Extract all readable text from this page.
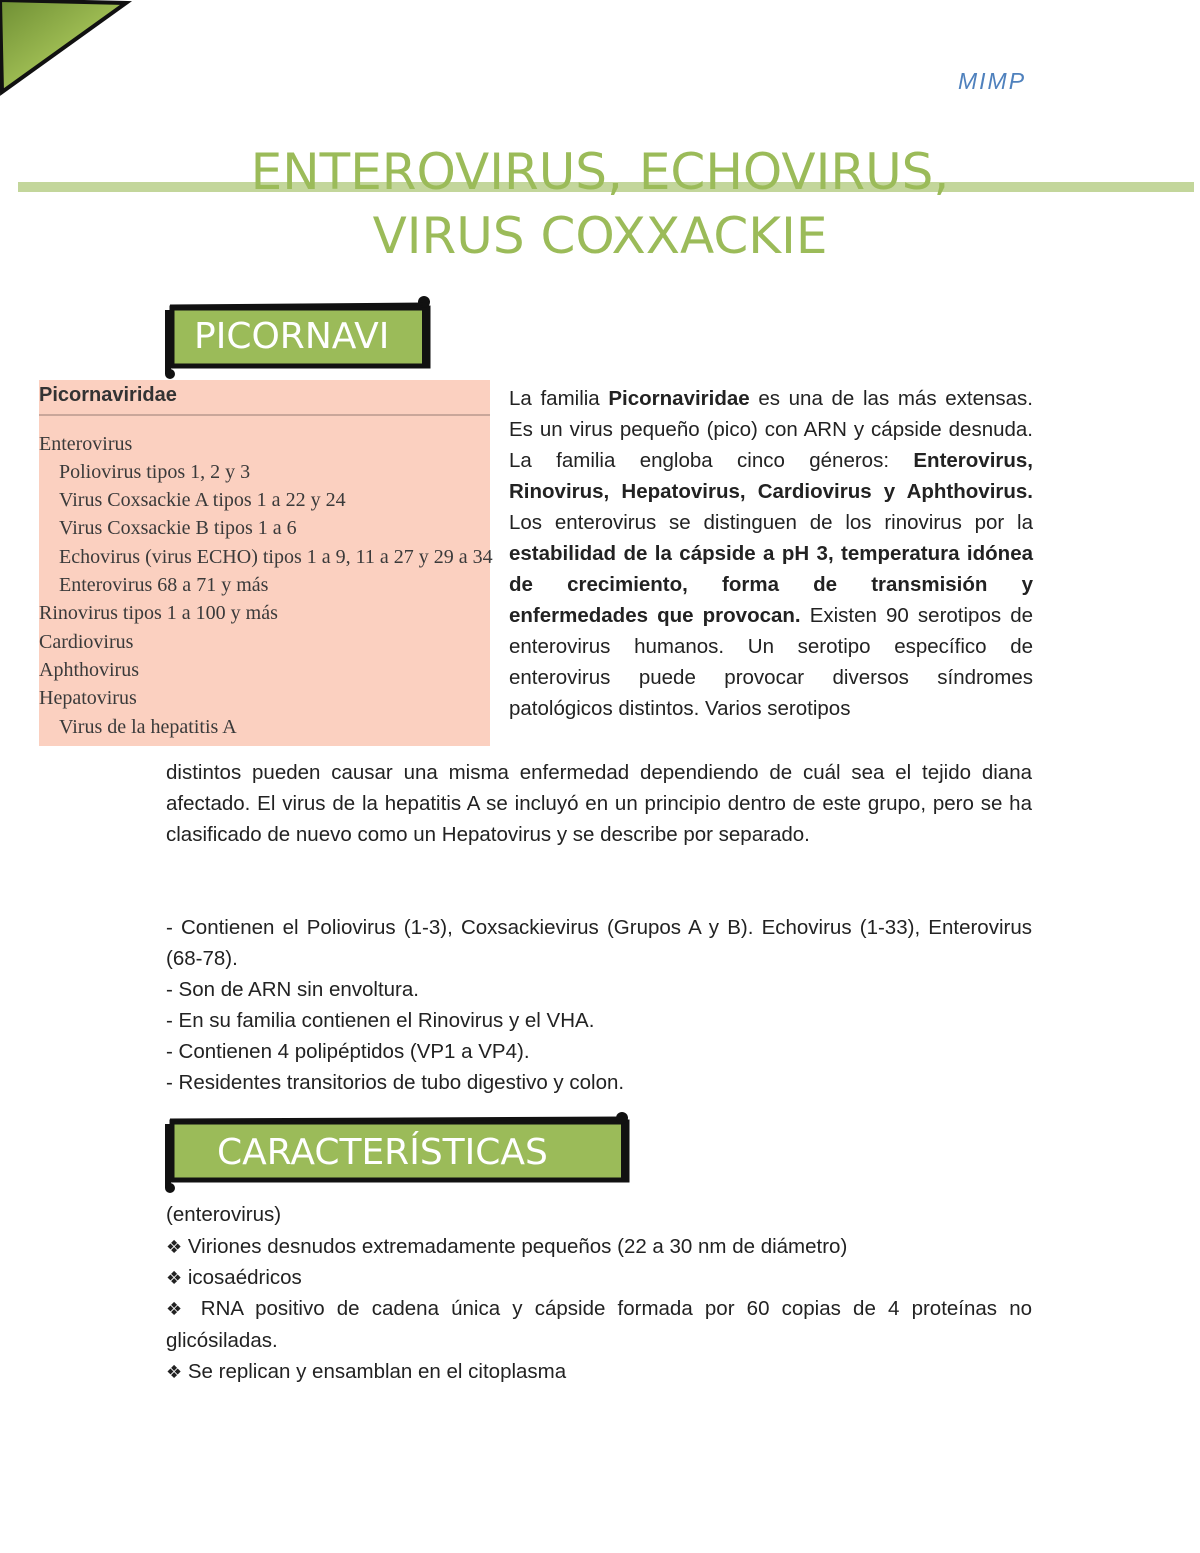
MIMP
ENTEROVIRUS, ECHOVIRUS,
VIRUS COXXACKIE
PICORNAVI
Picornaviridae
Enterovirus
Poliovirus tipos 1, 2 y 3
Virus Coxsackie A tipos 1 a 22 y 24
Virus Coxsackie B tipos 1 a 6
Echovirus (virus ECHO) tipos 1 a 9, 11 a 27 y 29 a 34
Enterovirus 68 a 71 y más
Rinovirus tipos 1 a 100 y más
Cardiovirus
Aphthovirus
Hepatovirus
Virus de la hepatitis A
La familia Picornaviridae es una de las más extensas. Es un virus pequeño (pico) con ARN y cápside desnuda. La familia engloba cinco géneros: Enterovirus, Rinovirus, Hepatovirus, Cardiovirus y Aphthovirus. Los enterovirus se distinguen de los rinovirus por la estabilidad de la cápside a pH 3, temperatura idónea de crecimiento, forma de transmisión y enfermedades que provocan. Existen 90 serotipos de enterovirus humanos. Un serotipo específico de enterovirus puede provocar diversos síndromes patológicos distintos. Varios serotipos
distintos pueden causar una misma enfermedad dependiendo de cuál sea el tejido diana afectado. El virus de la hepatitis A se incluyó en un principio dentro de este grupo, pero se ha clasificado de nuevo como un Hepatovirus y se describe por separado.
- Contienen el Poliovirus (1-3), Coxsackievirus (Grupos A y B). Echovirus (1-33), Enterovirus (68-78).
- Son de ARN sin envoltura.
- En su familia contienen el Rinovirus y el VHA.
- Contienen 4 polipéptidos (VP1 a VP4).
- Residentes transitorios de tubo digestivo y colon.
CARACTERÍSTICAS
(enterovirus)
❖ Viriones desnudos extremadamente pequeños (22 a 30 nm de diámetro)
❖ icosaédricos
❖ RNA positivo de cadena única y cápside formada por 60 copias de 4 proteínas no glicósiladas.
❖ Se replican y ensamblan en el citoplasma
